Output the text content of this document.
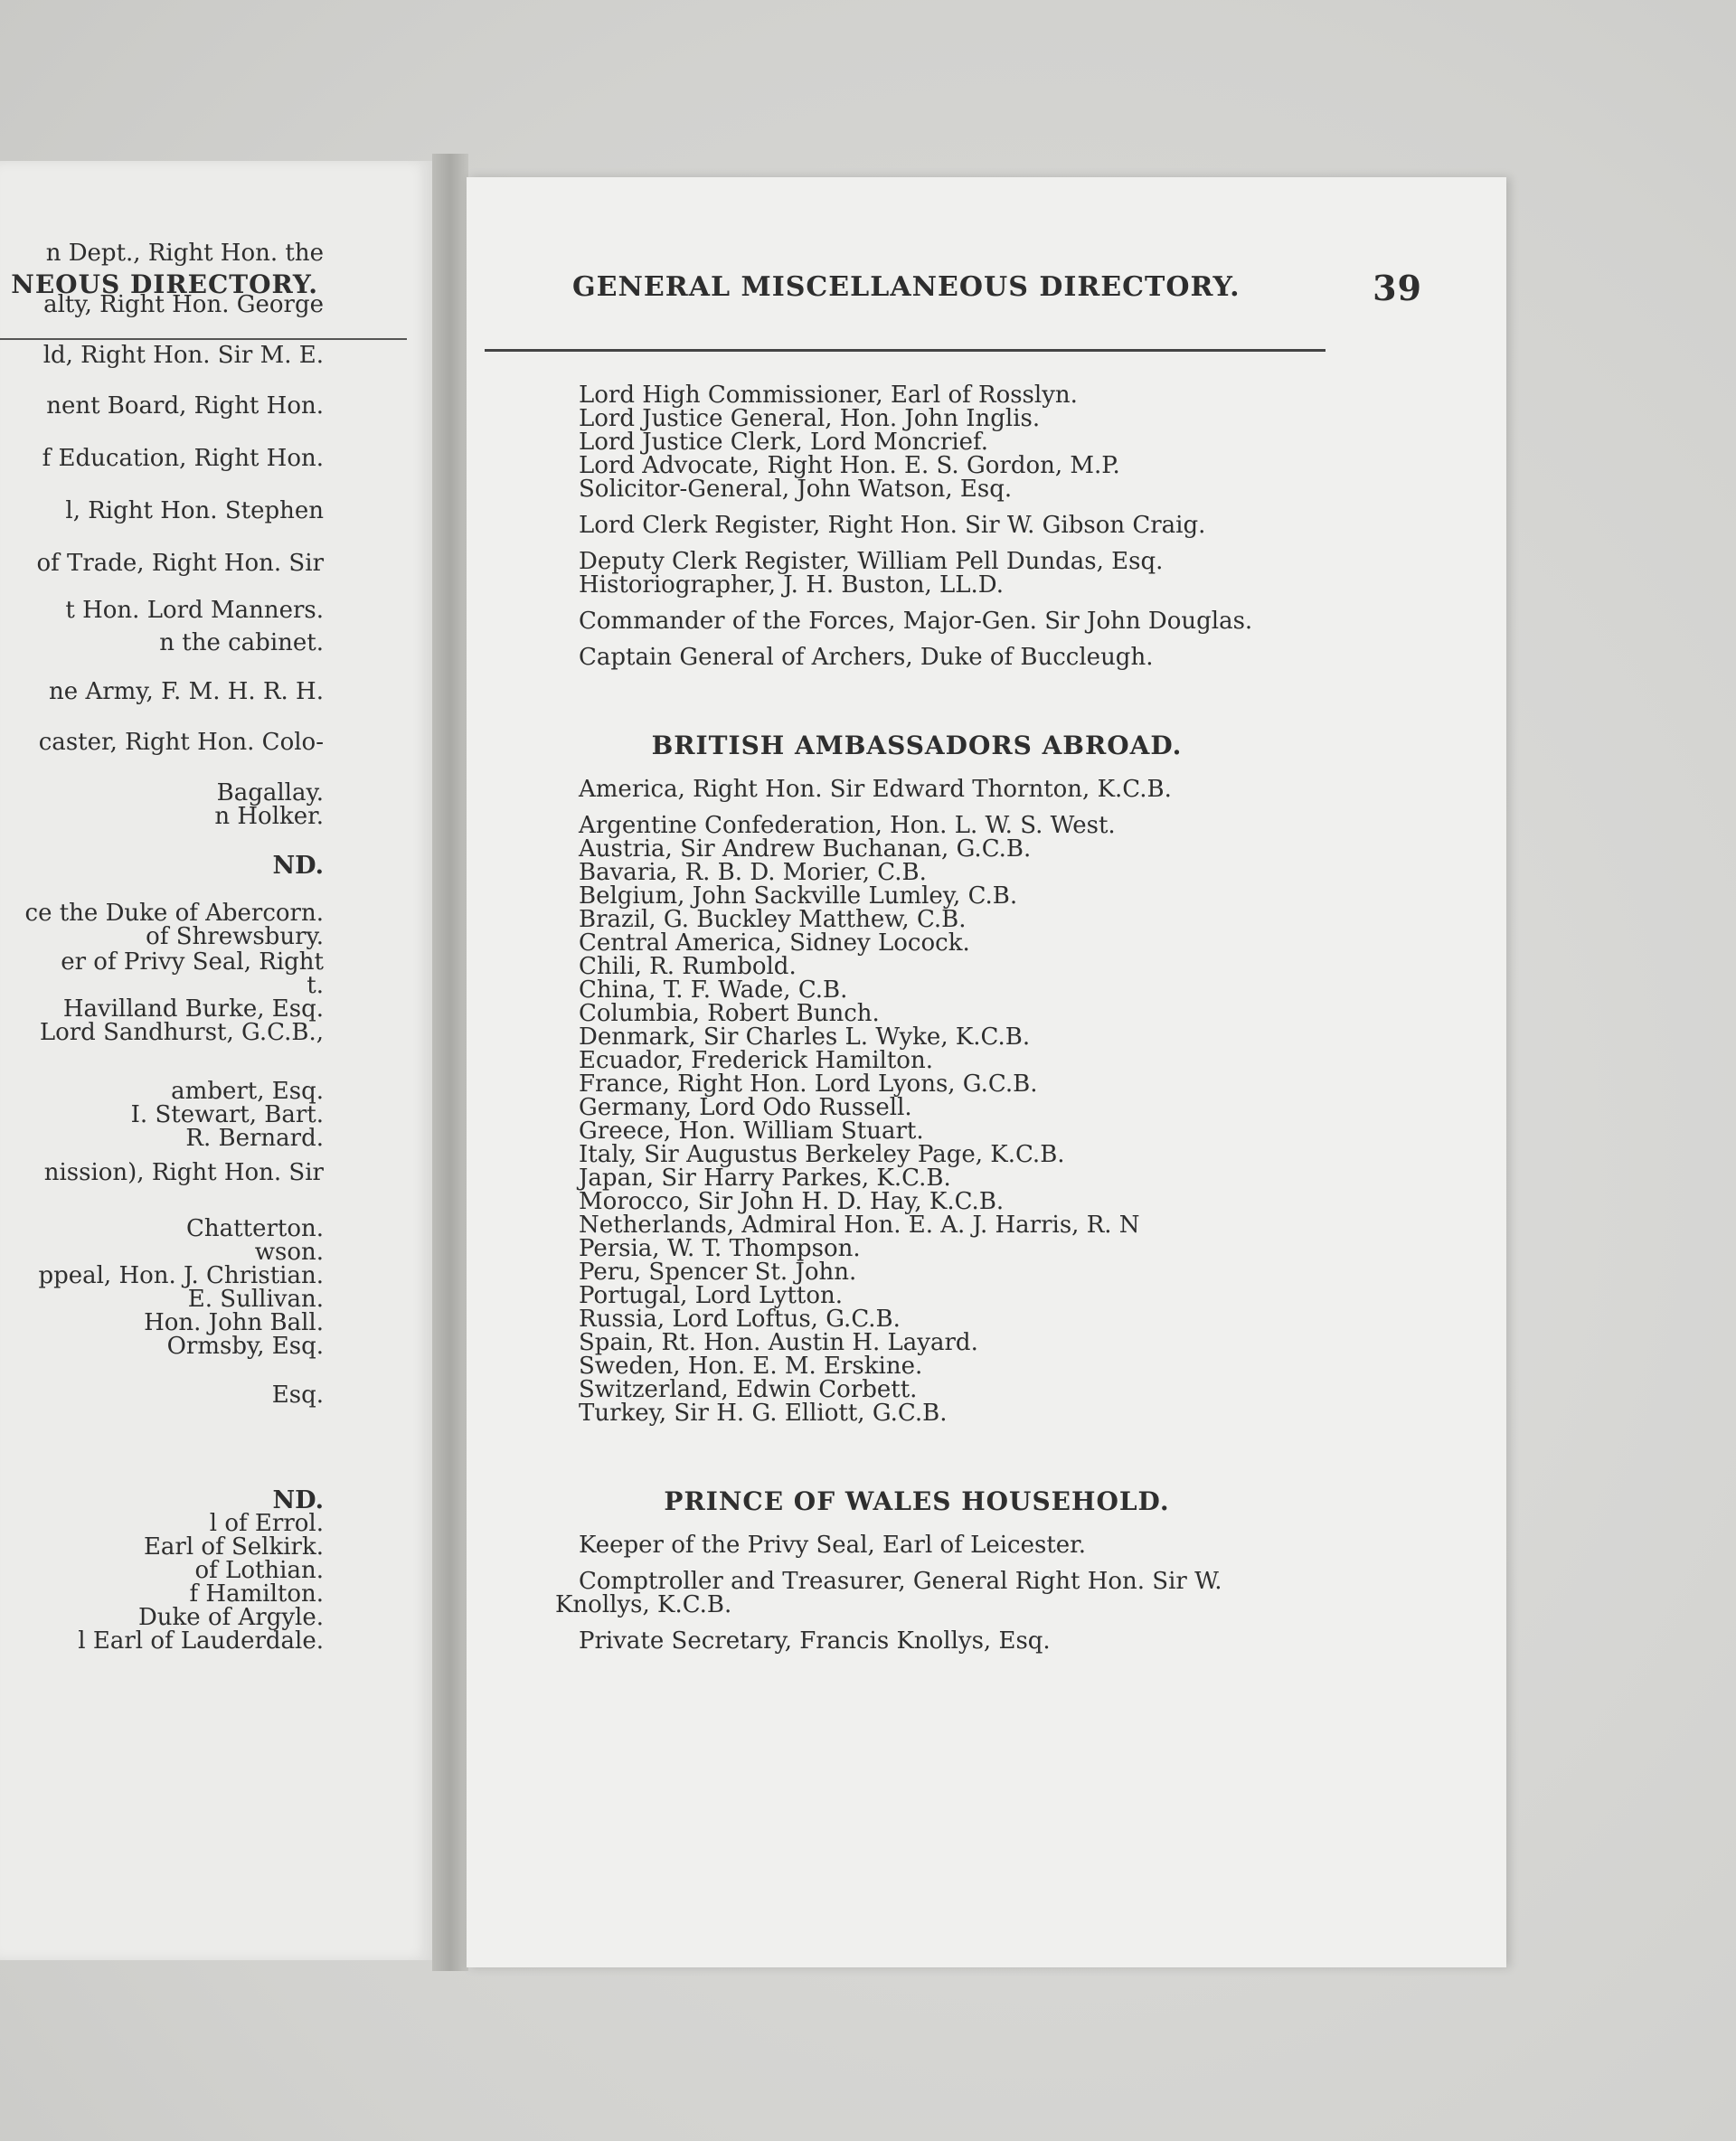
NEOUS DIRECTORY.
n Dept., Right Hon. the
alty, Right Hon. George
ld, Right Hon. Sir M. E.
nent Board, Right Hon.
f Education, Right Hon.
l, Right Hon. Stephen
of Trade, Right Hon. Sir
t Hon. Lord Manners.
n the cabinet.
ne Army, F. M. H. R. H.
caster, Right Hon. Colo-
Bagallay.
n Holker.
ND.
ce the Duke of Abercorn.
of Shrewsbury.
er of Privy Seal, Right
t.
Havilland Burke, Esq.
Lord Sandhurst, G.C.B.,
ambert, Esq.
I. Stewart, Bart.
R. Bernard.
nission), Right Hon. Sir
Chatterton.
wson.
ppeal, Hon. J. Christian.
E. Sullivan.
Hon. John Ball.
Ormsby, Esq.
Esq.
ND.
l of Errol.
Earl of Selkirk.
of Lothian.
f Hamilton.
Duke of Argyle.
l Earl of Lauderdale.
GENERAL MISCELLANEOUS DIRECTORY.	39

Lord High Commissioner, Earl of Rosslyn.

Lord Justice General, Hon. John Inglis.

Lord Justice Clerk, Lord Moncrief.

Lord Advocate, Right Hon. E. S. Gordon, M.P.

Solicitor-General, John Watson, Esq.

Lord Clerk Register, Right Hon. Sir W. Gibson Craig.

Deputy Clerk Register, William Pell Dundas, Esq.

Historiographer, J. H. Buston, LL.D.

Commander of the Forces, Major-Gen. Sir John Douglas.

Captain General of Archers, Duke of Buccleugh.

BRITISH AMBASSADORS ABROAD.

America, Right Hon. Sir Edward Thornton, K.C.B.

Argentine Confederation, Hon. L. W. S. West.

Austria, Sir Andrew Buchanan, G.C.B.

Bavaria, R. B. D. Morier, C.B.

Belgium, John Sackville Lumley, C.B.

Brazil, G. Buckley Matthew, C.B.

Central America, Sidney Locock.

Chili, R. Rumbold.

China, T. F. Wade, C.B.

Columbia, Robert Bunch.

Denmark, Sir Charles L. Wyke, K.C.B.

Ecuador, Frederick Hamilton.

France, Right Hon. Lord Lyons, G.C.B.

Germany, Lord Odo Russell.

Greece, Hon. William Stuart.

Italy, Sir Augustus Berkeley Page, K.C.B.

Japan, Sir Harry Parkes, K.C.B.

Morocco, Sir John H. D. Hay, K.C.B.

Netherlands, Admiral Hon. E. A. J. Harris, R. N

Persia, W. T. Thompson.

Peru, Spencer St. John.

Portugal, Lord Lytton.

Russia, Lord Loftus, G.C.B.

Spain, Rt. Hon. Austin H. Layard.

Sweden, Hon. E. M. Erskine.

Switzerland, Edwin Corbett.

Turkey, Sir H. G. Elliott, G.C.B.

PRINCE OF WALES HOUSEHOLD.

Keeper of the Privy Seal, Earl of Leicester.

Comptroller and Treasurer, General Right Hon. Sir W. Knollys, K.C.B.

Private Secretary, Francis Knollys, Esq.
